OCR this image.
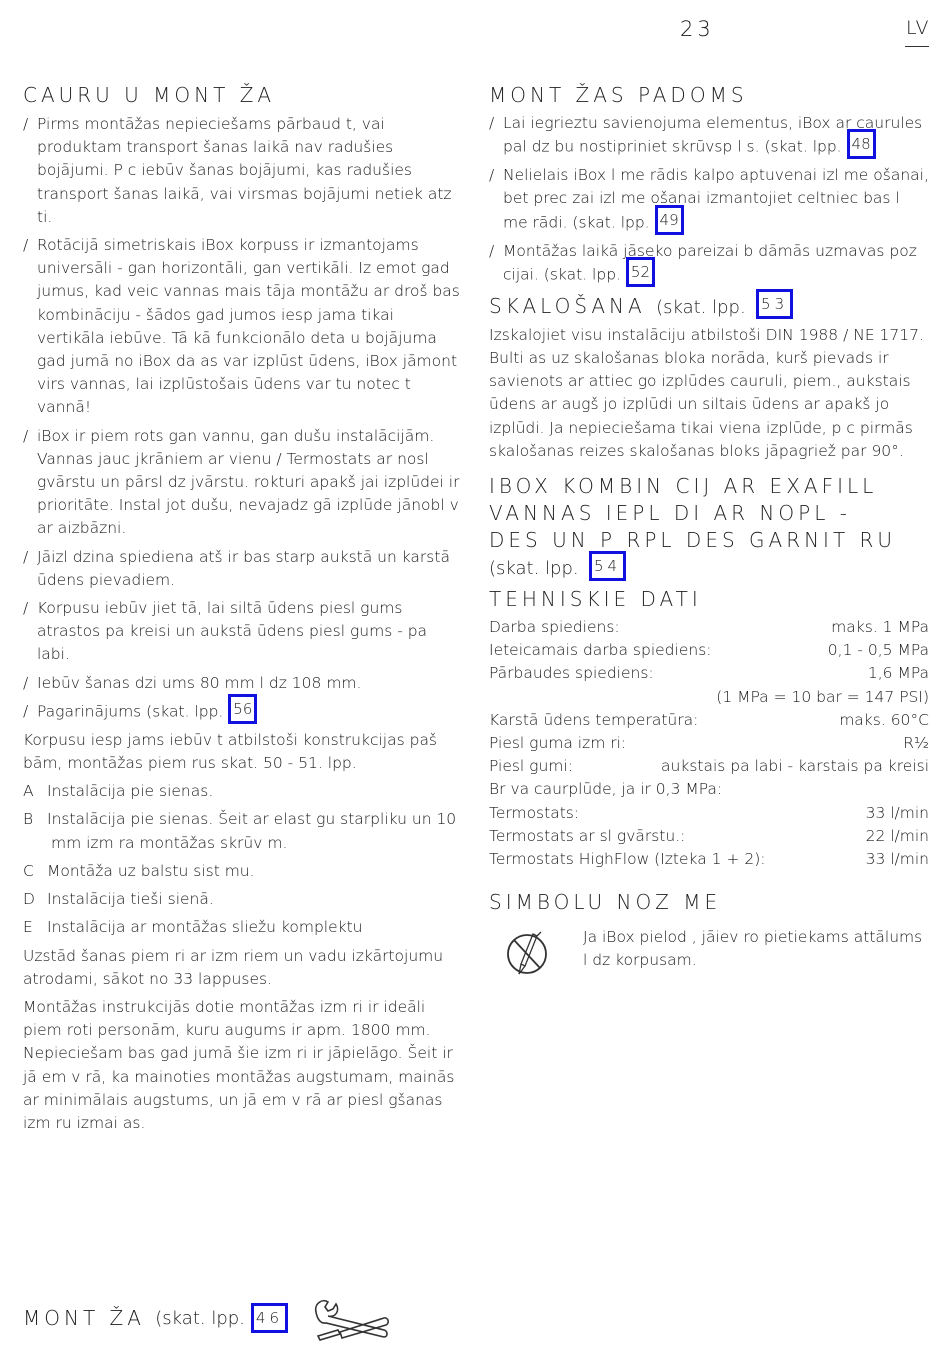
23	LV
CAURU U MONT ŽA
/ Pirms montāžas nepieciešams pārbaud t, vai produktam transport šanas laikā nav radušies bojājumi. P c iebūv šanas bojājumi, kas radušies transport šanas laikā, vai virsmas bojājumi netiek atz ti.
/ Rotācijā simetriskais iBox korpuss ir izmantojams universāli - gan horizontāli, gan vertikāli. Iz emot gad jumus, kad veic vannas mais tāja montāžu ar droš bas kombināciju - šādos gad jumos iesp jama tikai vertikāla iebūve. Tā kā funkcionālo deta u bojājuma gad jumā no iBox da as var izplūst ūdens, iBox jāmont virs vannas, lai izplūstošais ūdens var tu notec t vannā!
/ iBox ir piem rots gan vannu, gan dušu instalācijām. Vannas jauc jkrāniem ar vienu / Termostats ar nosl gvārstu un pārsl dz jvārstu. rokturi apakš jai izplūdei ir prioritāte. Instal jot dušu, nevajadz gā izplūde jānobl v ar aizbāzni.
/ Jāizl dzina spiediena atš ir bas starp aukstā un karstā ūdens pievadiem.
/ Korpusu iebūv jiet tā, lai siltā ūdens piesl gums atrastos pa kreisi un aukstā ūdens piesl gums - pa labi.
/ Iebūv šanas dzi ums 80 mm l dz 108 mm.
/ Pagarinājums (skat. lpp. 56

Korpusu iesp jams iebūv t atbilstoši konstrukcijas paš bām, montāžas piem rus skat. 50 - 51. lpp.

A Instalācija pie sienas.
B Instalācija pie sienas. Šeit ar elast gu starpliku un 10 mm izm ra montāžas skrūv m.
C Montāža uz balstu sist mu.
D Instalācija tieši sienā.
E Instalācija ar montāžas sliežu komplektu

Uzstād šanas piem ri ar izm riem un vadu izkārtojumu atrodami, sākot no 33 lappuses.

Montāžas instrukcijās dotie montāžas izm ri ir ideāli piem roti personām, kuru augums ir apm. 1800 mm. Nepieciešam bas gad jumā šie izm ri ir jāpielāgo. Šeit ir jā em v rā, ka mainoties montāžas augstumam, mainās ar minimālais augstums, un jā em v rā ar piesl gšanas izm ru izmai as.

MONT ŽAS PADOMS
/ Lai iegrieztu savienojuma elementus, iBox ar caurules pal dz bu nostipriniet skrūvsp l s. (skat. lpp. 48
/ Nelielais iBox l me rādis kalpo aptuvenai izl me ošanai, bet prec zai izl me ošanai izmantojiet celtniec bas l me rādi. (skat. lpp. 49
/ Montāžas laikā jāseko pareizai b dāmās uzmavas poz cijai. (skat. lpp. 52
SKALOŠANA (skat. lpp. 53

Izskalojiet visu instalāciju atbilstoši DIN 1988 / NE 1717. Bulti as uz skalošanas bloka norāda, kurš pievads ir savienots ar attiec go izplūdes cauruli, piem., aukstais ūdens ar augš jo izplūdi un siltais ūdens ar apakš jo izplūdi. Ja nepieciešama tikai viena izplūde, p c pirmās skalošanas reizes skalošanas bloks jāpagriež par 90°.

IBOX KOMBIN CIJ AR EXAFILL
VANNAS IEPL DI AR NOPL -
DES UN P RPL DES GARNIT RU
(skat. lpp. 54
TEHNISKIE DATI
Darba spiediens:	maks. 1 MPa
Ieteicamais darba spiediens:	0,1 - 0,5 MPa
Pārbaudes spiediens:	1,6 MPa
(1 MPa = 10 bar = 147 PSI)
Karstā ūdens temperatūra:	maks. 60°C
Piesl guma izm ri:	R½
Piesl gumi:	aukstais pa labi - karstais pa kreisi
Br va caurplūde, ja ir 0,3 MPa:
Termostats:	33 l/min
Termostats ar sl gvārstu.:	22 l/min
Termostats HighFlow (Izteka 1 + 2):	33 l/min
SIMBOLU NOZ ME

Ja iBox pielod , jāiev ro pietiekams attālums l dz korpusam.

MONT ŽA
(skat. lpp. 46
